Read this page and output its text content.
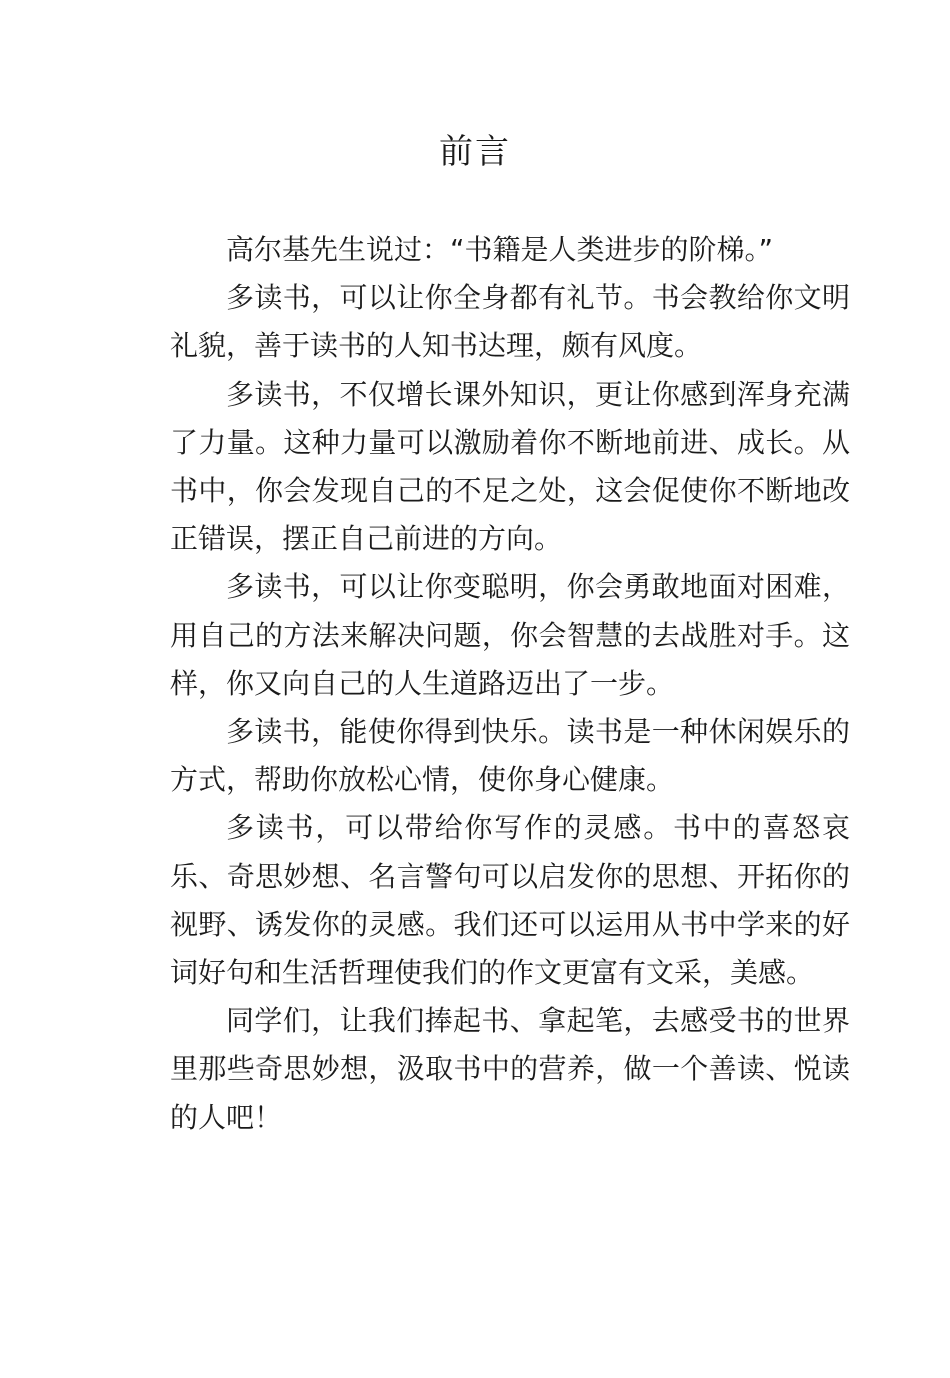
前言

高尔基先生说过：“书籍是人类进步的阶梯。”

多读书，可以让你全身都有礼节。书会教给你文明礼貌，善于读书的人知书达理，颇有风度。

多读书，不仅增长课外知识，更让你感到浑身充满了力量。这种力量可以激励着你不断地前进、成长。从书中，你会发现自己的不足之处，这会促使你不断地改正错误，摆正自己前进的方向。

多读书，可以让你变聪明，你会勇敢地面对困难，用自己的方法来解决问题，你会智慧的去战胜对手。这样，你又向自己的人生道路迈出了一步。

多读书，能使你得到快乐。读书是一种休闲娱乐的方式，帮助你放松心情，使你身心健康。

多读书，可以带给你写作的灵感。书中的喜怒哀乐、奇思妙想、名言警句可以启发你的思想、开拓你的视野、诱发你的灵感。我们还可以运用从书中学来的好词好句和生活哲理使我们的作文更富有文采，美感。

同学们，让我们捧起书、拿起笔，去感受书的世界里那些奇思妙想，汲取书中的营养，做一个善读、悦读的人吧！
